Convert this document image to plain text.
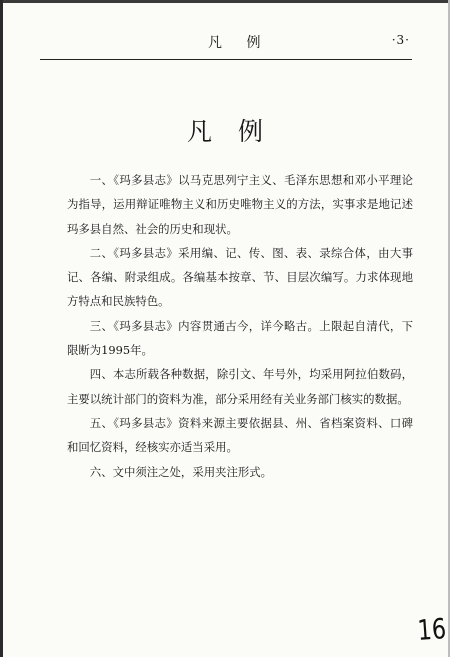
凡 例	·3·
凡例

一、《玛多县志》以马克思列宁主义、毛泽东思想和邓小平理论为指导，运用辩证唯物主义和历史唯物主义的方法，实事求是地记述玛多县自然、社会的历史和现状。

二、《玛多县志》采用编、记、传、图、表、录综合体，由大事记、各编、附录组成。各编基本按章、节、目层次编写。力求体现地方特点和民族特色。

三、《玛多县志》内容贯通古今，详今略古。上限起自清代，下限断为1995年。

四、本志所载各种数据，除引文、年号外，均采用阿拉伯数码，主要以统计部门的资料为准，部分采用经有关业务部门核实的数据。

五、《玛多县志》资料来源主要依据县、州、省档案资料、口碑和回忆资料，经核实亦适当采用。

六、文中须注之处，采用夹注形式。

16
